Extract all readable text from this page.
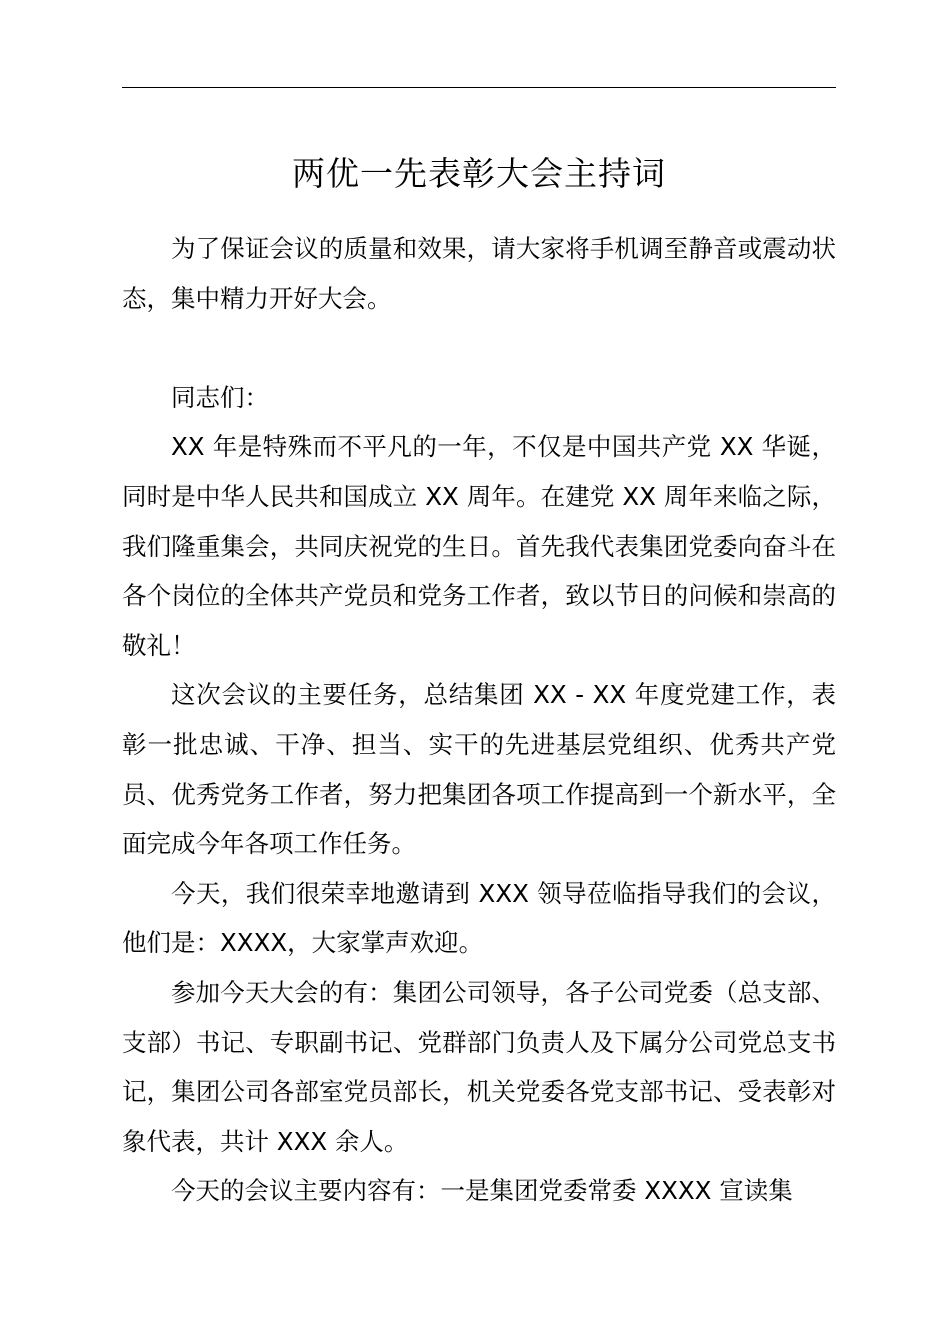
两优一先表彰大会主持词

为了保证会议的质量和效果，请大家将手机调至静音或震动状态，集中精力开好大会。

同志们：

XX 年是特殊而不平凡的一年，不仅是中国共产党 XX 华诞，同时是中华人民共和国成立 XX 周年。在建党 XX 周年来临之际，我们隆重集会，共同庆祝党的生日。首先我代表集团党委向奋斗在各个岗位的全体共产党员和党务工作者，致以节日的问候和崇高的敬礼！

这次会议的主要任务，总结集团 XX - XX 年度党建工作，表彰一批忠诚、干净、担当、实干的先进基层党组织、优秀共产党员、优秀党务工作者，努力把集团各项工作提高到一个新水平，全面完成今年各项工作任务。

今天，我们很荣幸地邀请到 XXX 领导莅临指导我们的会议，他们是：XXXX，大家掌声欢迎。

参加今天大会的有：集团公司领导，各子公司党委（总支部、支部）书记、专职副书记、党群部门负责人及下属分公司党总支书记，集团公司各部室党员部长，机关党委各党支部书记、受表彰对象代表，共计 XXX 余人。

今天的会议主要内容有：一是集团党委常委 XXXX 宣读集
